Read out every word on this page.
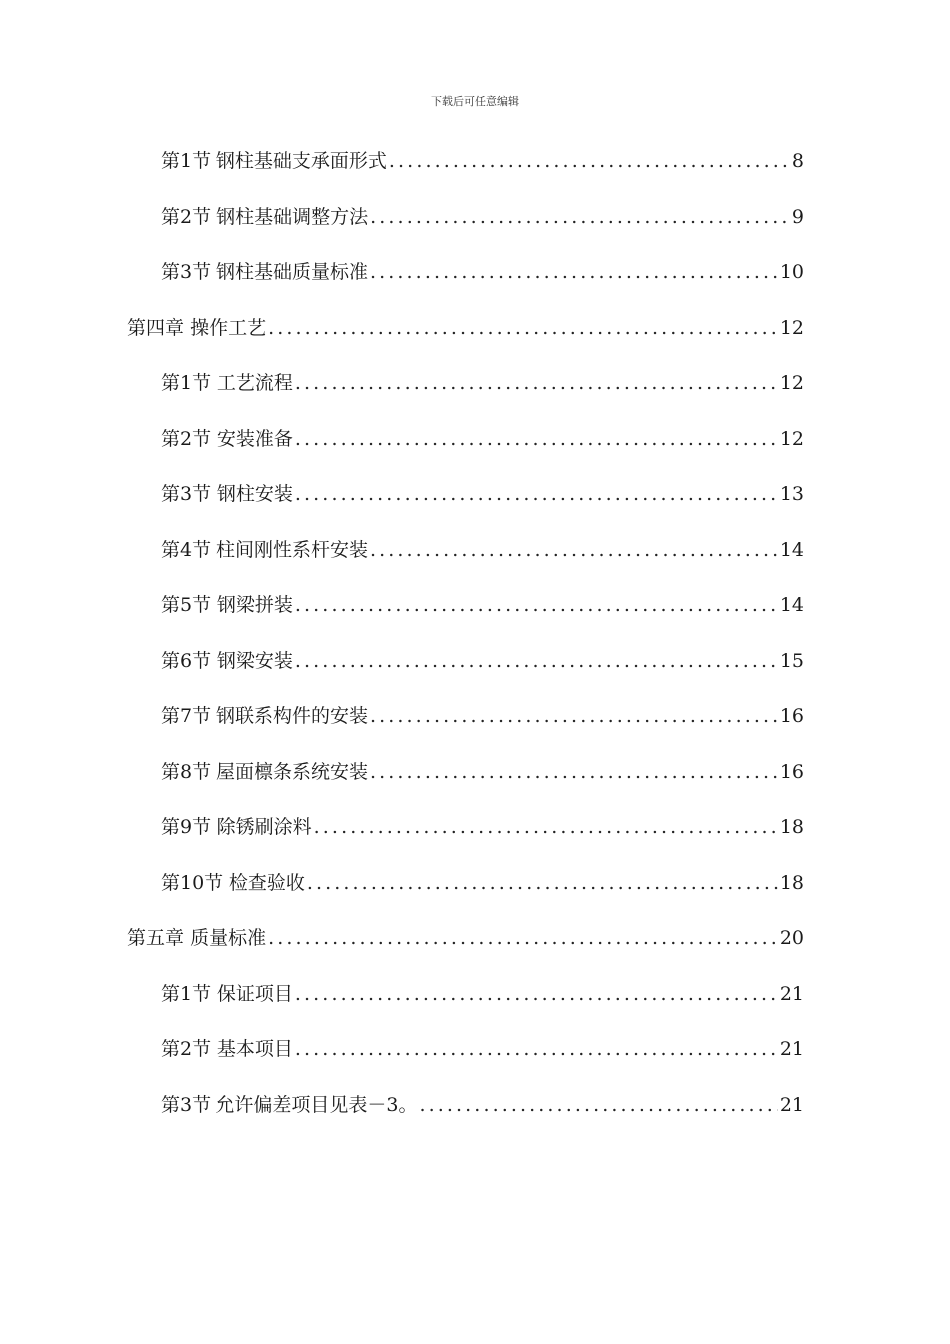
下载后可任意编辑
第1节 钢柱基础支承面形式 .....	8
第2节 钢柱基础调整方法 .....	9
第3节 钢柱基础质量标准 .....	10
第四章 操作工艺 .....	12
第1节 工艺流程 .....	12
第2节 安装准备 .....	12
第3节 钢柱安装 .....	13
第4节 柱间刚性系杆安装 .....	14
第5节 钢梁拼装 .....	14
第6节 钢梁安装 .....	15
第7节 钢联系构件的安装 .....	16
第8节 屋面檩条系统安装 .....	16
第9节 除锈刷涂料 .....	18
第10节 检查验收 .....	18
第五章 质量标准 .....	20
第1节 保证项目 .....	21
第2节 基本项目 .....	21
第3节 允许偏差项目见表－3。 .....	21
